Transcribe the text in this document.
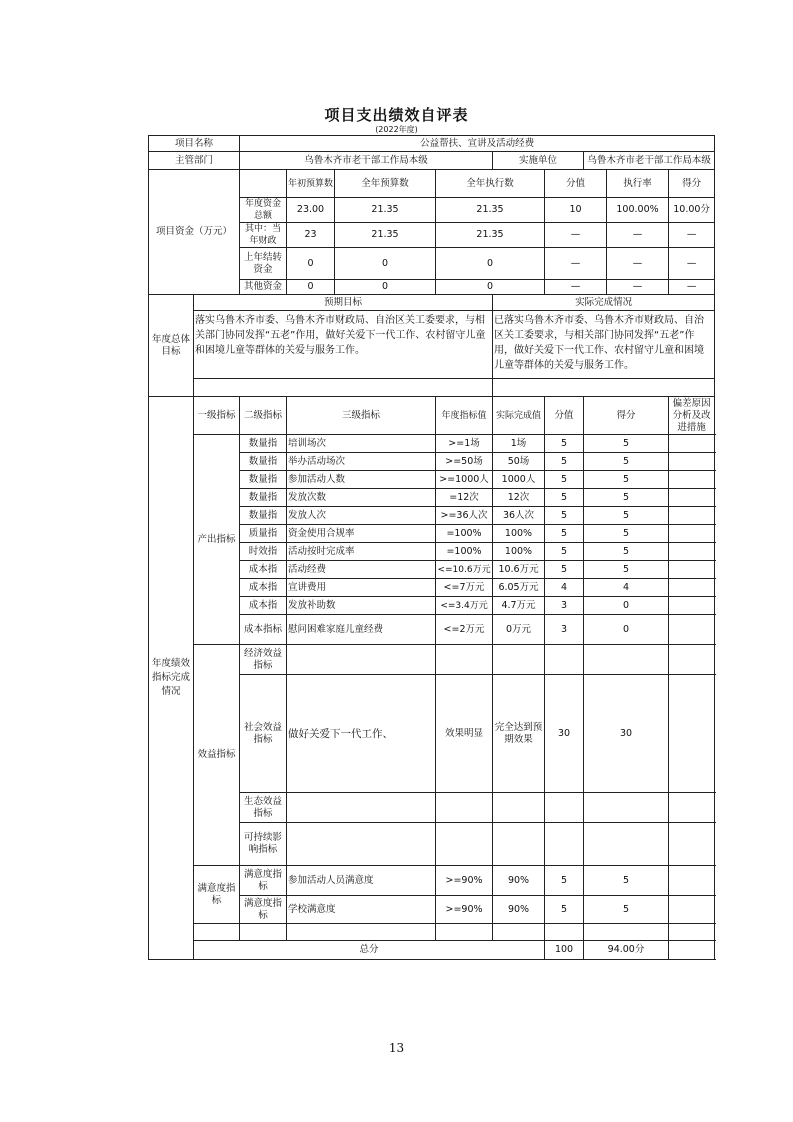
项目支出绩效自评表
(2022年度)
项目名称		公益帮扶、宣讲及活动经费								
主管部门		乌鲁木齐市老干部工作局本级				实施单位		乌鲁木齐市老干部工作局本级		
项目资金（万元）			年初预算数	全年预算数	全年执行数		分值		执行率	得分
		年度资金总额	23.00	21.35	21.35		10		100.00%	10.00分
		其中：当年财政	23	21.35	21.35		—		—	—
		上年结转资金	0	0	0		—		—	—
		其他资金	0	0	0		—		—	—
年度总体目标	预期目标					实际完成情况				
	落实乌鲁木齐市委、乌鲁木齐市财政局、自治区关工委要求，与相关部门协同发挥“五老”作用，做好关爱下一代工作、农村留守儿童和困境儿童等群体的关爱与服务工作。					已落实乌鲁木齐市委、乌鲁木齐市财政局、自治区关工委要求，与相关部门协同发挥“五老”作用，做好关爱下一代工作、农村留守儿童和困境儿童等群体的关爱与服务工作。				

年度绩效指标完成情况	一级指标	二级指标	三级指标		年度指标值	实际完成值	分值	得分		偏差原因分析及改进措施
	产出指标	数量指	培训场次		>=1场	1场	5	5		
		数量指	举办活动场次		>=50场	50场	5	5		
		数量指	参加活动人数		>=1000人	1000人	5	5		
		数量指	发放次数		=12次	12次	5	5		
		数量指	发放人次		>=36人次	36人次	5	5		
		质量指	资金使用合规率		=100%	100%	5	5		
		时效指	活动按时完成率		=100%	100%	5	5		
		成本指	活动经费		<=10.6万元	10.6万元	5	5		
		成本指	宣讲费用		<=7万元	6.05万元	4	4		
		成本指	发放补助数		<=3.4万元	4.7万元	3	0		
		成本指标	慰问困难家庭儿童经费		<=2万元	0万元	3	0		
	效益指标	经济效益指标								
		社会效益指标	做好关爱下一代工作、		效果明显	完全达到预期效果	30	30		
		生态效益指标								
		可持续影响指标								
	满意度指标	满意度指标	参加活动人员满意度		>=90%	90%	5	5		
		满意度指标	学校满意度		>=90%	90%	5	5		

	总分						100	94.00分		
13
